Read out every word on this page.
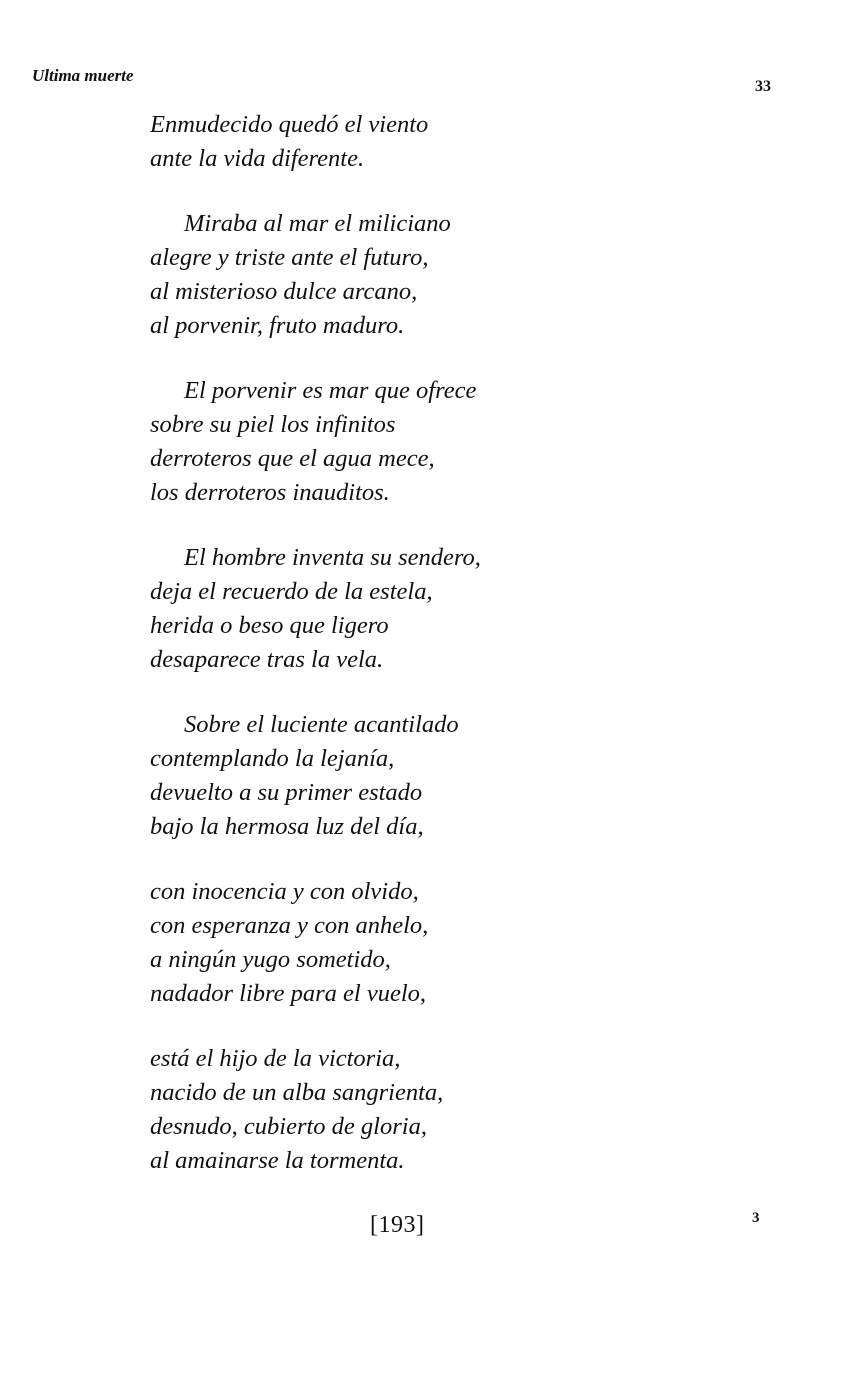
Ultima muerte
33
Enmudecido quedó el viento
ante la vida diferente.
Miraba al mar el miliciano
alegre y triste ante el futuro,
al misterioso dulce arcano,
al porvenir, fruto maduro.
El porvenir es mar que ofrece
sobre su piel los infinitos
derroteros que el agua mece,
los derroteros inauditos.
El hombre inventa su sendero,
deja el recuerdo de la estela,
herida o beso que ligero
desaparece tras la vela.
Sobre el luciente acantilado
contemplando la lejanía,
devuelto a su primer estado
bajo la hermosa luz del día,
con inocencia y con olvido,
con esperanza y con anhelo,
a ningún yugo sometido,
nadador libre para el vuelo,
está el hijo de la victoria,
nacido de un alba sangrienta,
desnudo, cubierto de gloria,
al amainarse la tormenta.
[193]	3
